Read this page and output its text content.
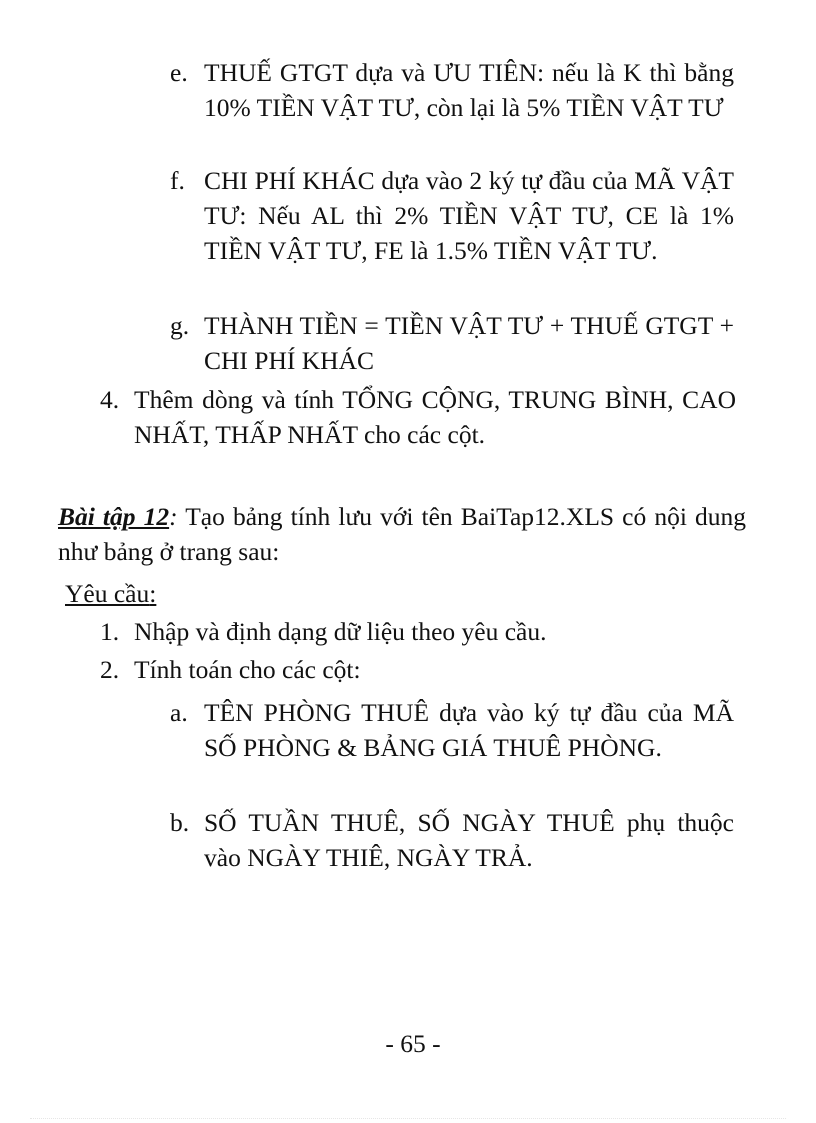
e. THUẾ GTGT dựa và ƯU TIÊN: nếu là K thì bằng 10% TIỀN VẬT TƯ, còn lại là 5% TIỀN VẬT TƯ
f. CHI PHÍ KHÁC dựa vào 2 ký tự đầu của MÃ VẬT TƯ: Nếu AL thì 2% TIỀN VẬT TƯ, CE là 1% TIỀN VẬT TƯ, FE là 1.5% TIỀN VẬT TƯ.
g. THÀNH TIỀN = TIỀN VẬT TƯ + THUẾ GTGT + CHI PHÍ KHÁC
4. Thêm dòng và tính TỔNG CỘNG, TRUNG BÌNH, CAO NHẤT, THẤP NHẤT cho các cột.
Bài tập 12: Tạo bảng tính lưu với tên BaiTap12.XLS có nội dung như bảng ở trang sau:
Yêu cầu:
1. Nhập và định dạng dữ liệu theo yêu cầu.
2. Tính toán cho các cột:
a. TÊN PHÒNG THUÊ dựa vào ký tự đầu của MÃ SỐ PHÒNG & BẢNG GIÁ THUÊ PHÒNG.
b. SỐ TUẦN THUÊ, SỐ NGÀY THUÊ phụ thuộc vào NGÀY THIÊ, NGÀY TRẢ.
- 65 -
